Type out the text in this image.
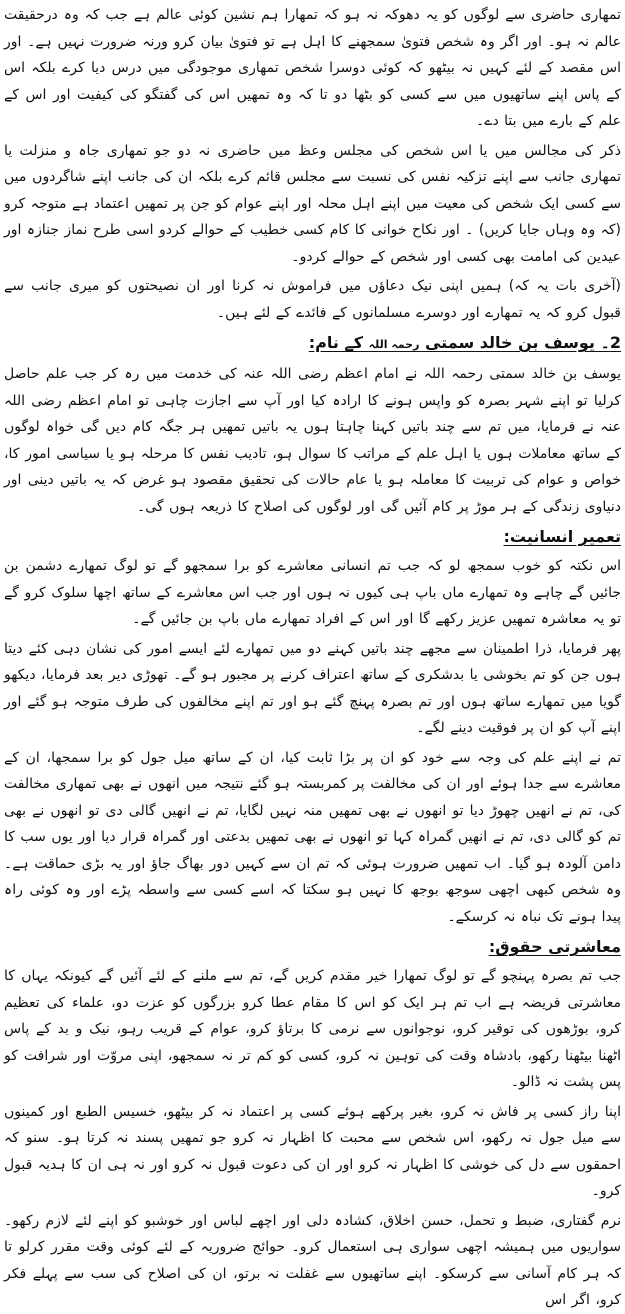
تمھاری حاضری سے لوگوں کو یہ دھوکہ نہ ہو کہ تمھارا ہم نشین کوئی عالم ہے جب کہ وہ درحقیقت عالم نہ ہو۔ اور اگر وہ شخص فتویٰ سمجھنے کا اہل ہے تو فتویٰ بیان کرو ورنہ ضرورت نہیں ہے۔ اور اس مقصد کے لئے کہیں نہ بیٹھو کہ کوئی دوسرا شخص تمھاری موجودگی میں درس دیا کرے بلکہ اس کے پاس اپنے ساتھیوں میں سے کسی کو بٹھا دو تا کہ وہ تمھیں اس کی گفتگو کی کیفیت اور اس کے علم کے بارے میں بتا دے۔

ذکر کی مجالس میں یا اس شخص کی مجلس وعظ میں حاضری نہ دو جو تمھاری جاہ و منزلت یا تمھاری جانب سے اپنے تزکیہ نفس کی نسبت سے مجلس قائم کرے بلکہ ان کی جانب اپنے شاگردوں میں سے کسی ایک شخص کی معیت میں اپنے اہل محلہ اور اپنے عوام کو جن پر تمھیں اعتماد ہے متوجہ کرو (کہ وہ وہاں جایا کریں) ۔ اور نکاح خوانی کا کام کسی خطیب کے حوالے کردو اسی طرح نماز جنازہ اور عیدین کی امامت بھی کسی اور شخص کے حوالے کردو۔

(آخری بات یہ کہ) ہمیں اپنی نیک دعاؤں میں فراموش نہ کرنا اور ان نصیحتوں کو میری جانب سے قبول کرو کہ یہ تمھارے اور دوسرے مسلمانوں کے فائدے کے لئے ہیں۔

2۔ یوسف بن خالد سمتی رحمہ اللہ کے نام:

یوسف بن خالد سمتی رحمہ اللہ نے امام اعظم رضی اللہ عنہ کی خدمت میں رہ کر جب علم حاصل کرلیا تو اپنے شہر بصرہ کو واپس ہونے کا ارادہ کیا اور آپ سے اجازت چاہی تو امام اعظم رضی اللہ عنہ نے فرمایا، میں تم سے چند باتیں کہنا چاہتا ہوں یہ باتیں تمھیں ہر جگہ کام دیں گی خواہ لوگوں کے ساتھ معاملات ہوں یا اہل علم کے مراتب کا سوال ہو، تادیب نفس کا مرحلہ ہو یا سیاسی امور کا، خواص و عوام کی تربیت کا معاملہ ہو یا عام حالات کی تحقیق مقصود ہو غرض کہ یہ باتیں دینی اور دنیاوی زندگی کے ہر موڑ پر کام آئیں گی اور لوگوں کی اصلاح کا ذریعہ ہوں گی۔

تعمیر انسانیت:

اس نکتہ کو خوب سمجھ لو کہ جب تم انسانی معاشرے کو برا سمجھو گے تو لوگ تمھارے دشمن بن جائیں گے چاہے وہ تمھارے ماں باپ ہی کیوں نہ ہوں اور جب اس معاشرے کے ساتھ اچھا سلوک کرو گے تو یہ معاشرہ تمھیں عزیز رکھے گا اور اس کے افراد تمھارے ماں باپ بن جائیں گے۔

پھر فرمایا، ذرا اطمینان سے مجھے چند باتیں کہنے دو میں تمھارے لئے ایسے امور کی نشان دہی کئے دیتا ہوں جن کو تم بخوشی یا بدشکری کے ساتھ اعتراف کرنے پر مجبور ہو گے۔ تھوڑی دیر بعد فرمایا، دیکھو گویا میں تمھارے ساتھ ہوں اور تم بصرہ پہنچ گئے ہو اور تم اپنے مخالفوں کی طرف متوجہ ہو گئے اور اپنے آپ کو ان پر فوقیت دینے لگے۔

تم نے اپنے علم کی وجہ سے خود کو ان پر بڑا ثابت کیا، ان کے ساتھ میل جول کو برا سمجھا، ان کے معاشرے سے جدا ہوئے اور ان کی مخالفت پر کمربستہ ہو گئے نتیجہ میں انھوں نے بھی تمھاری مخالفت کی، تم نے انھیں چھوڑ دیا تو انھوں نے بھی تمھیں منہ نہیں لگایا، تم نے انھیں گالی دی تو انھوں نے بھی تم کو گالی دی، تم نے انھیں گمراہ کہا تو انھوں نے بھی تمھیں بدعتی اور گمراہ قرار دیا اور یوں سب کا دامن آلودہ ہو گیا۔ اب تمھیں ضرورت ہوئی کہ تم ان سے کہیں دور بھاگ جاؤ اور یہ بڑی حماقت ہے۔ وہ شخص کبھی اچھی سوجھ بوجھ کا نہیں ہو سکتا کہ اسے کسی سے واسطہ پڑے اور وہ کوئی راہ پیدا ہونے تک نباہ نہ کرسکے۔

معاشرتی حقوق:

جب تم بصرہ پہنچو گے تو لوگ تمھارا خیر مقدم کریں گے، تم سے ملنے کے لئے آئیں گے کیونکہ یہاں کا معاشرتی فریضہ ہے اب تم ہر ایک کو اس کا مقام عطا کرو بزرگوں کو عزت دو، علماء کی تعظیم کرو، بوڑھوں کی توقیر کرو، نوجوانوں سے نرمی کا برتاؤ کرو، عوام کے قریب رہو، نیک و بد کے پاس اٹھنا بیٹھنا رکھو، بادشاہ وقت کی توہین نہ کرو، کسی کو کم تر نہ سمجھو، اپنی مروّت اور شرافت کو پس پشت نہ ڈالو۔

اپنا راز کسی پر فاش نہ کرو، بغیر پرکھے ہوئے کسی پر اعتماد نہ کر بیٹھو، خسیس الطبع اور کمینوں سے میل جول نہ رکھو، اس شخص سے محبت کا اظہار نہ کرو جو تمھیں پسند نہ کرتا ہو۔ سنو کہ احمقوں سے دل کی خوشی کا اظہار نہ کرو اور ان کی دعوت قبول نہ کرو اور نہ ہی ان کا ہدیہ قبول کرو۔

نرم گفتاری، ضبط و تحمل، حسن اخلاق، کشادہ دلی اور اچھے لباس اور خوشبو کو اپنے لئے لازم رکھو۔ سواریوں میں ہمیشہ اچھی سواری ہی استعمال کرو۔ حوائج ضروریہ کے لئے کوئی وقت مقرر کرلو تا کہ ہر کام آسانی سے کرسکو۔ اپنے ساتھیوں سے غفلت نہ برتو، ان کی اصلاح کی سب سے پہلے فکر کرو، اگر اس
